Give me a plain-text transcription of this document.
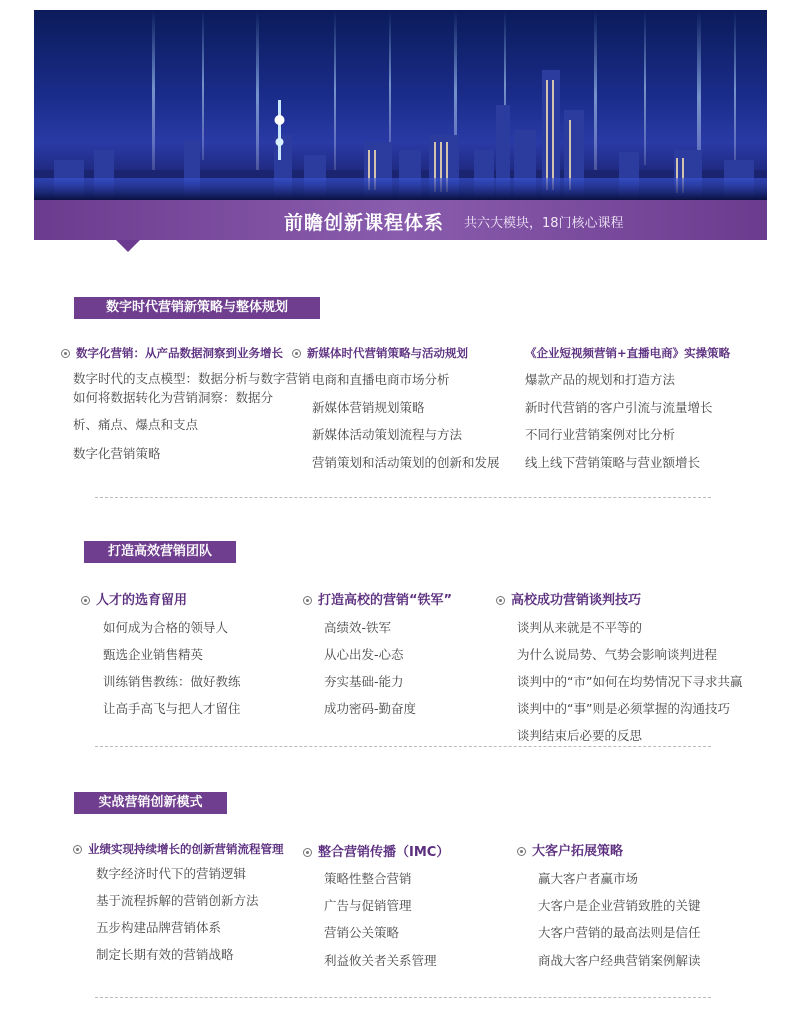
前瞻创新课程体系 共六大模块，18门核心课程
数字时代营销新策略与整体规划
数字化营销：从产品数据洞察到业务增长
数字时代的支点模型：数据分析与数字营销
如何将数据转化为营销洞察：数据分析、痛点、爆点和支点
数字化营销策略
新媒体时代营销策略与活动规划
电商和直播电商市场分析
新媒体营销规划策略
新媒体活动策划流程与方法
营销策划和活动策划的创新和发展
《企业短视频营销+直播电商》实操策略
爆款产品的规划和打造方法
新时代营销的客户引流与流量增长
不同行业营销案例对比分析
线上线下营销策略与营业额增长
打造高效营销团队
人才的选育留用
如何成为合格的领导人
甄选企业销售精英
训练销售教练：做好教练
让高手高飞与把人才留住
打造高校的营销“铁军”
高绩效-铁军
从心出发-心态
夯实基础-能力
成功密码-勤奋度
高校成功营销谈判技巧
谈判从来就是不平等的
为什么说局势、气势会影响谈判进程
谈判中的“市”如何在均势情况下寻求共赢
谈判中的“事”则是必须掌握的沟通技巧
谈判结束后必要的反思
实战营销创新模式
业绩实现持续增长的创新营销流程管理
数字经济时代下的营销逻辑
基于流程拆解的营销创新方法
五步构建品牌营销体系
制定长期有效的营销战略
整合营销传播（IMC）
策略性整合营销
广告与促销管理
营销公关策略
利益攸关者关系管理
大客户拓展策略
赢大客户者赢市场
大客户是企业营销致胜的关键
大客户营销的最高法则是信任
商战大客户经典营销案例解读
